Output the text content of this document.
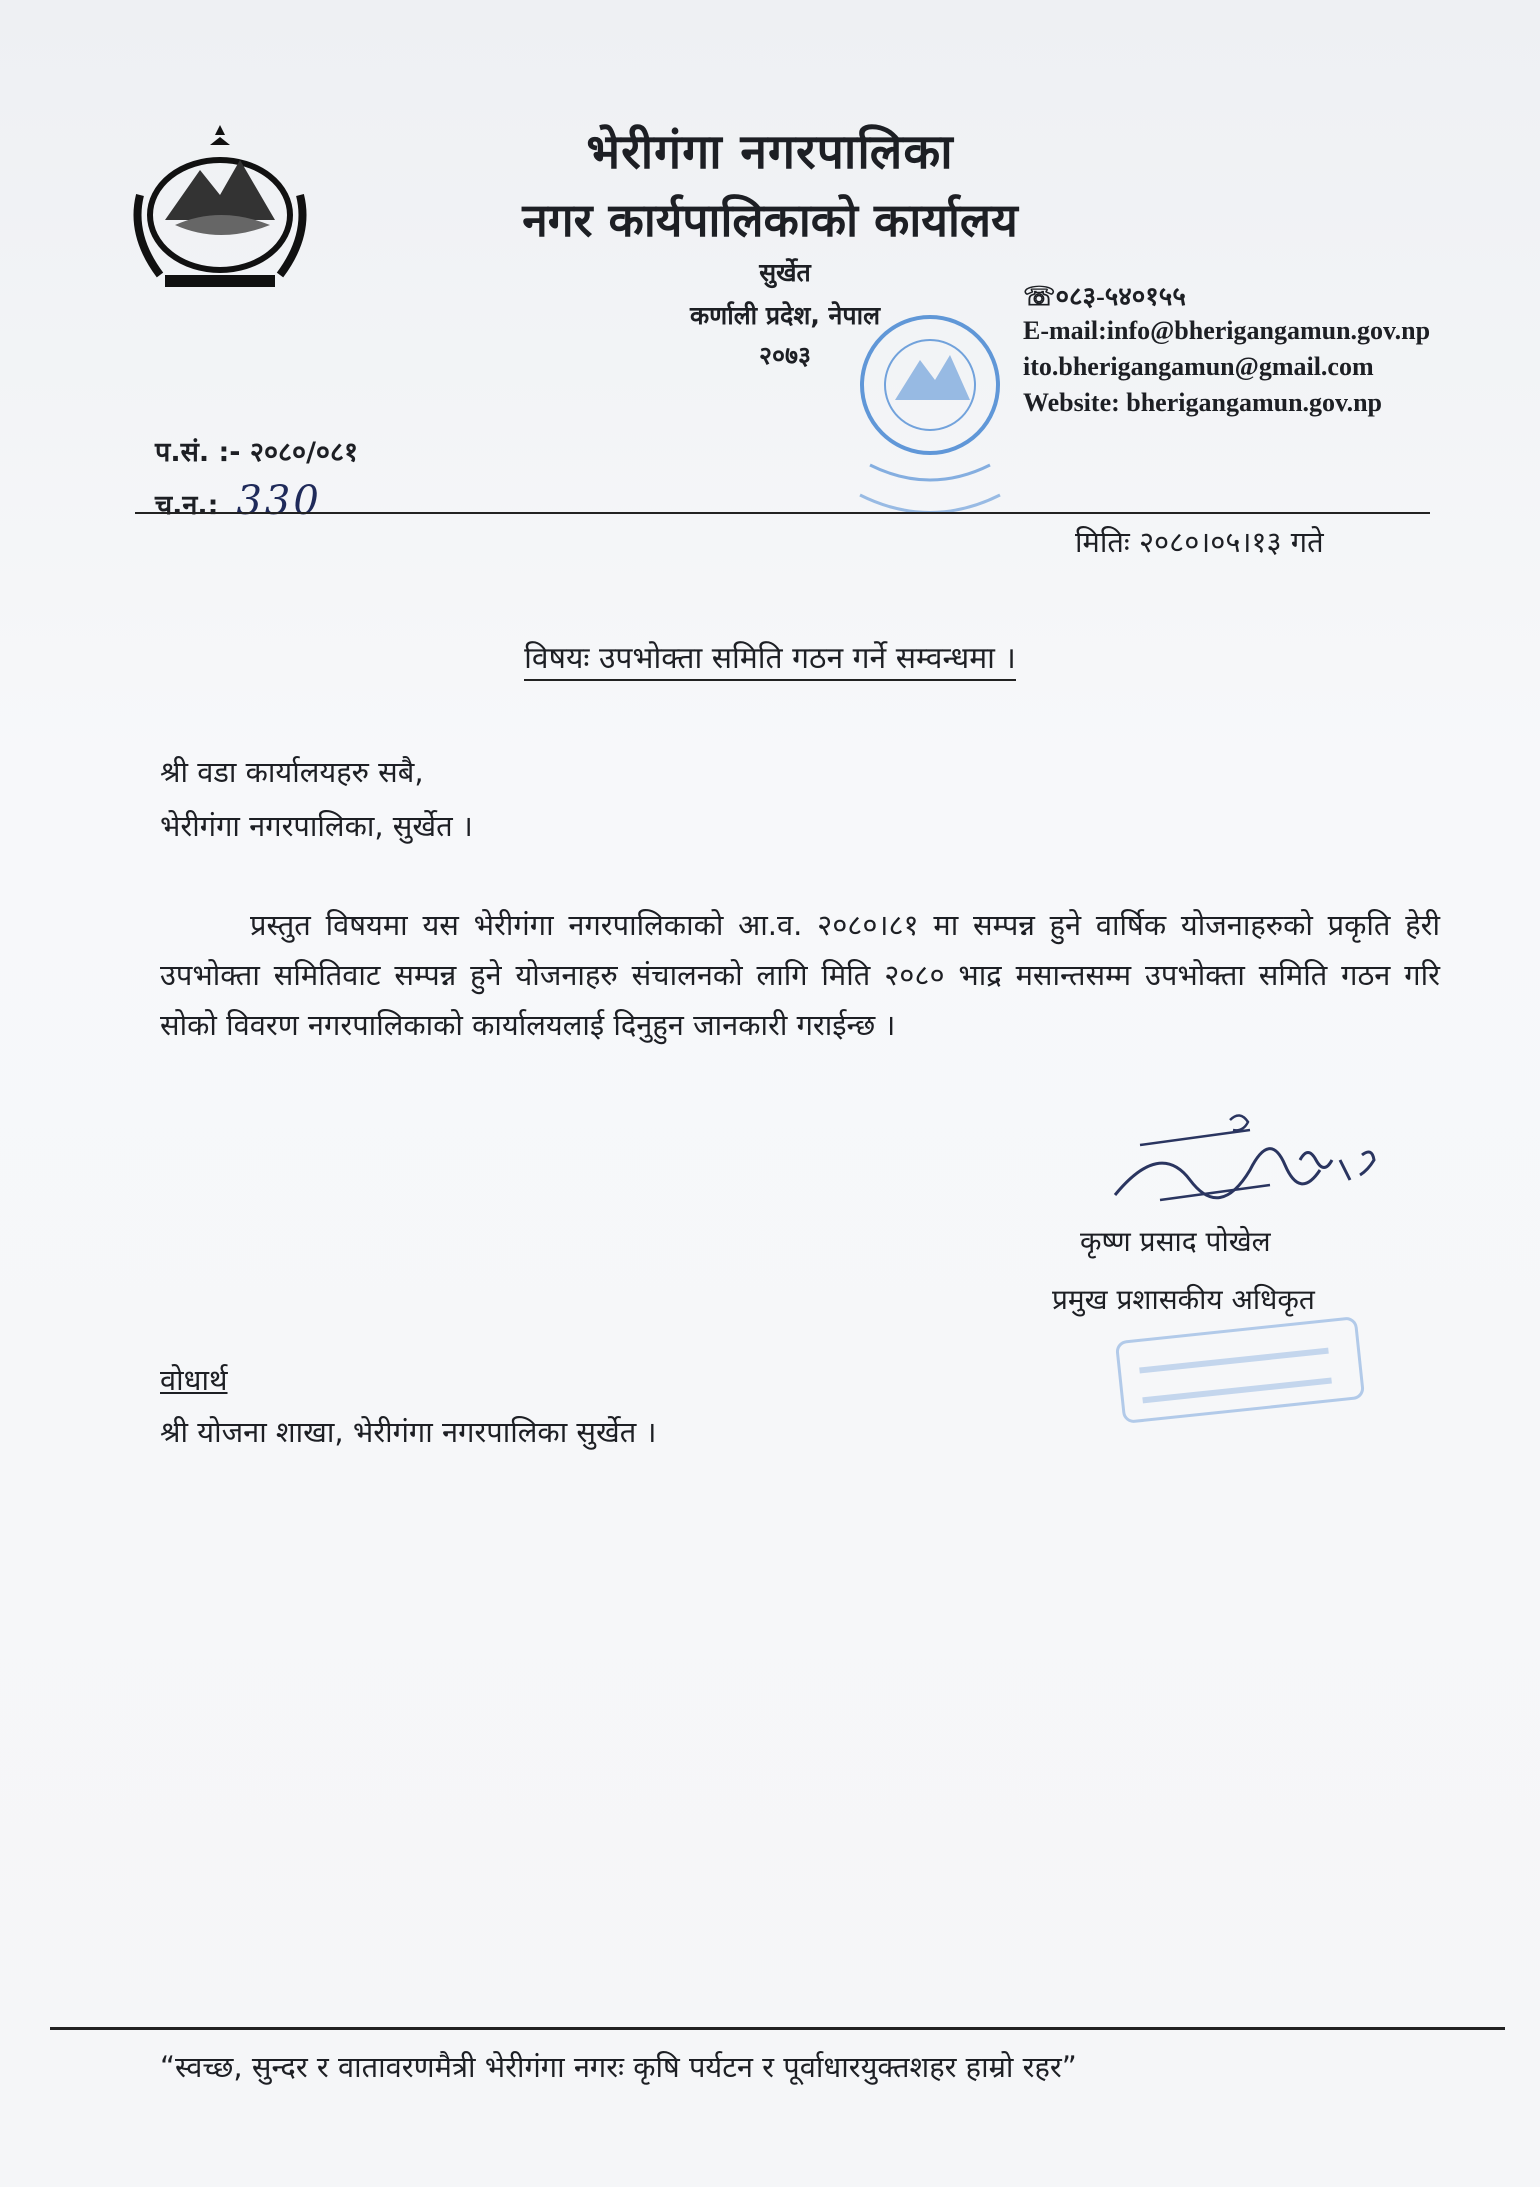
भेरीगंगा नगरपालिका
नगर कार्यपालिकाको कार्यालय
सुर्खेत
कर्णाली प्रदेश, नेपाल
२०७३
☏०८३-५४०१५५
E-mail:info@bherigangamun.gov.np
ito.bherigangamun@gmail.com
Website: bherigangamun.gov.np
प.सं. :- २०८०/०८१
च.न.: 330
मितिः २०८०।०५।१३ गते
विषयः उपभोक्ता समिति गठन गर्ने सम्वन्धमा ।
श्री वडा कार्यालयहरु सबै,
भेरीगंगा नगरपालिका, सुर्खेत ।
प्रस्तुत विषयमा यस भेरीगंगा नगरपालिकाको आ.व. २०८०।८१ मा सम्पन्न हुने वार्षिक योजनाहरुको प्रकृति हेरी उपभोक्ता समितिवाट सम्पन्न हुने योजनाहरु संचालनको लागि मिति २०८० भाद्र मसान्तसम्म उपभोक्ता समिति गठन गरि सोको विवरण नगरपालिकाको कार्यालयलाई दिनुहुन जानकारी गराईन्छ ।
कृष्ण प्रसाद पोखेल
प्रमुख प्रशासकीय अधिकृत
वोधार्थ
श्री योजना शाखा, भेरीगंगा नगरपालिका सुर्खेत ।
“स्वच्छ, सुन्दर र वातावरणमैत्री भेरीगंगा नगरः कृषि पर्यटन र पूर्वाधारयुक्तशहर हाम्रो रहर”
